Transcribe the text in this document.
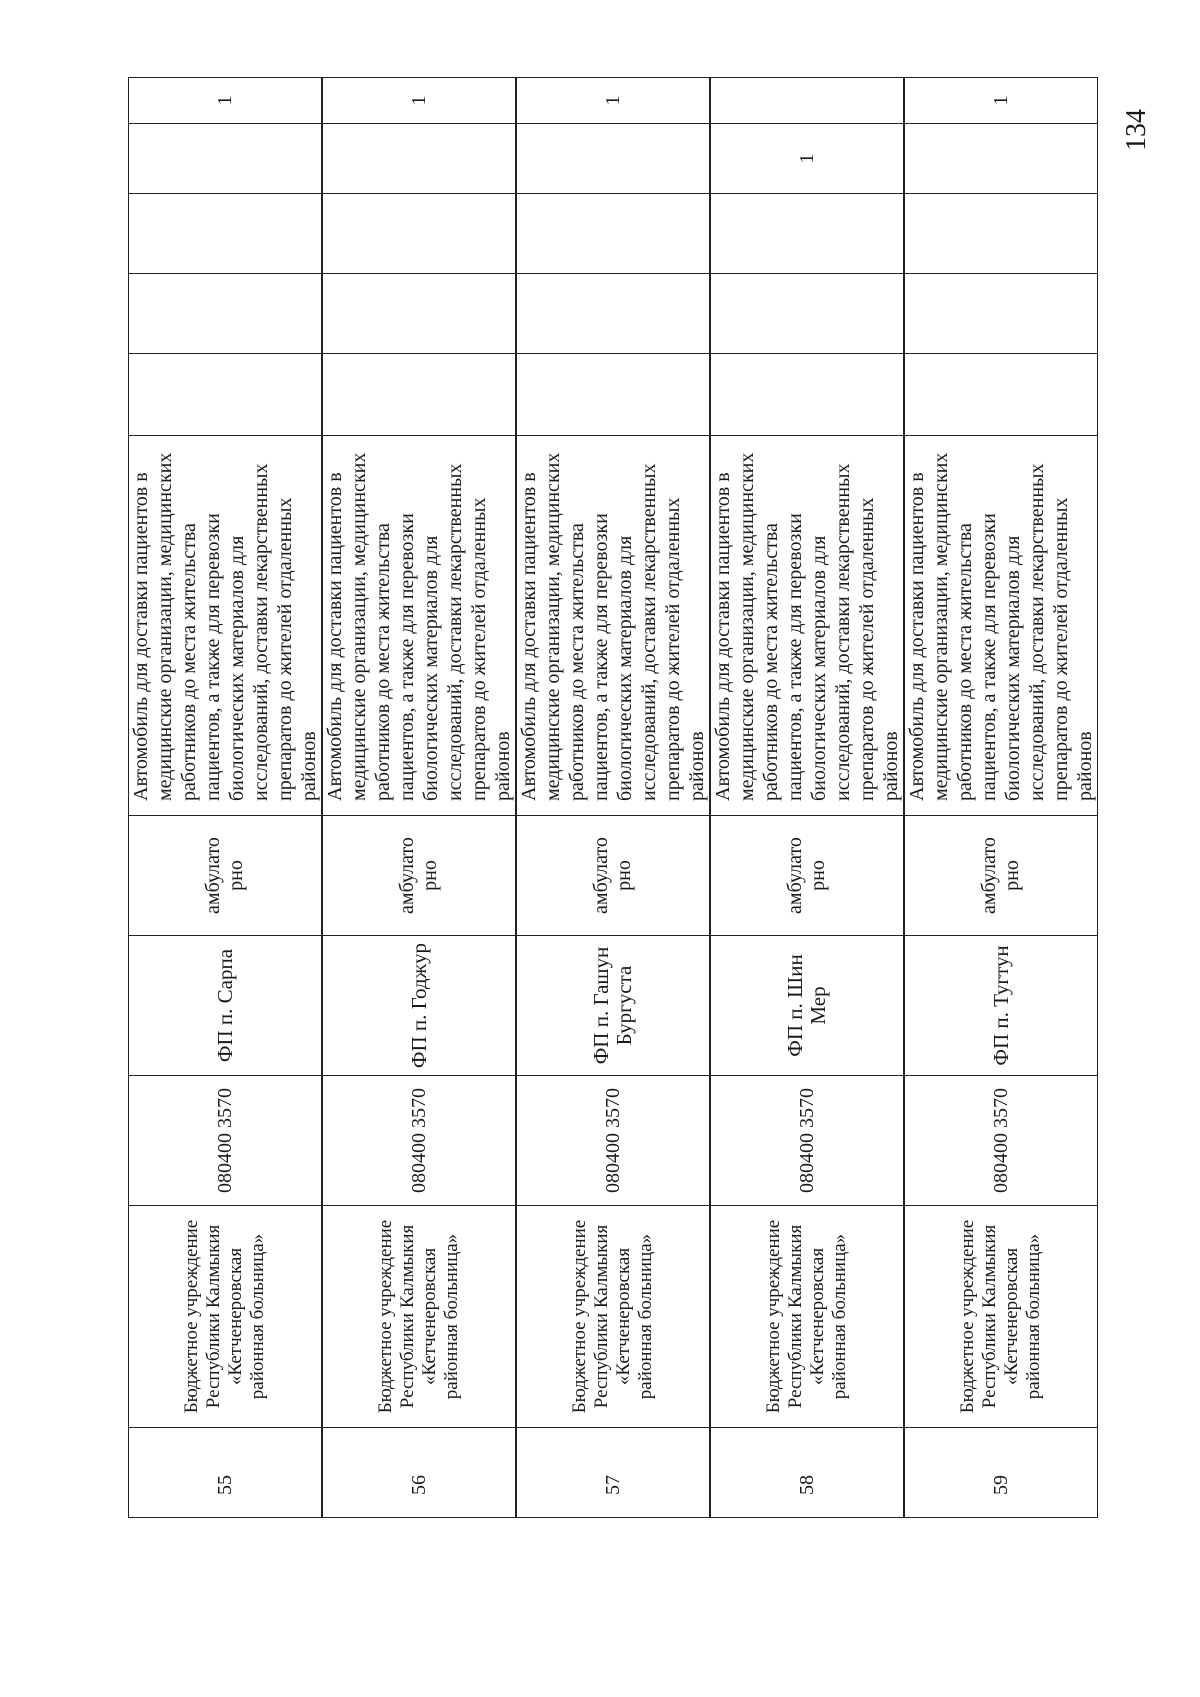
55	Бюджетное учреждение Республики Калмыкия «Кетченеровская районная больница»	080400 3570	ФП п. Сарпа	амбулато рно	Автомобиль для доставки пациентов в медицинские организации, медицинских работников до места жительства пациентов, а также для перевозки биологических материалов для исследований, доставки лекарственных препаратов до жителей отдаленных районов					1
56	Бюджетное учреждение Республики Калмыкия «Кетченеровская районная больница»	080400 3570	ФП п. Годжур	амбулато рно	Автомобиль для доставки пациентов в медицинские организации, медицинских работников до места жительства пациентов, а также для перевозки биологических материалов для исследований, доставки лекарственных препаратов до жителей отдаленных районов					1
57	Бюджетное учреждение Республики Калмыкия «Кетченеровская районная больница»	080400 3570	ФП п. Гашун Бургуста	амбулато рно	Автомобиль для доставки пациентов в медицинские организации, медицинских работников до места жительства пациентов, а также для перевозки биологических материалов для исследований, доставки лекарственных препаратов до жителей отдаленных районов					1
58	Бюджетное учреждение Республики Калмыкия «Кетченеровская районная больница»	080400 3570	ФП п. Шин Мер	амбулато рно	Автомобиль для доставки пациентов в медицинские организации, медицинских работников до места жительства пациентов, а также для перевозки биологических материалов для исследований, доставки лекарственных препаратов до жителей отдаленных районов				1	
59	Бюджетное учреждение Республики Калмыкия «Кетченеровская районная больница»	080400 3570	ФП п. Тугтун	амбулато рно	Автомобиль для доставки пациентов в медицинские организации, медицинских работников до места жительства пациентов, а также для перевозки биологических материалов для исследований, доставки лекарственных препаратов до жителей отдаленных районов					1
134
